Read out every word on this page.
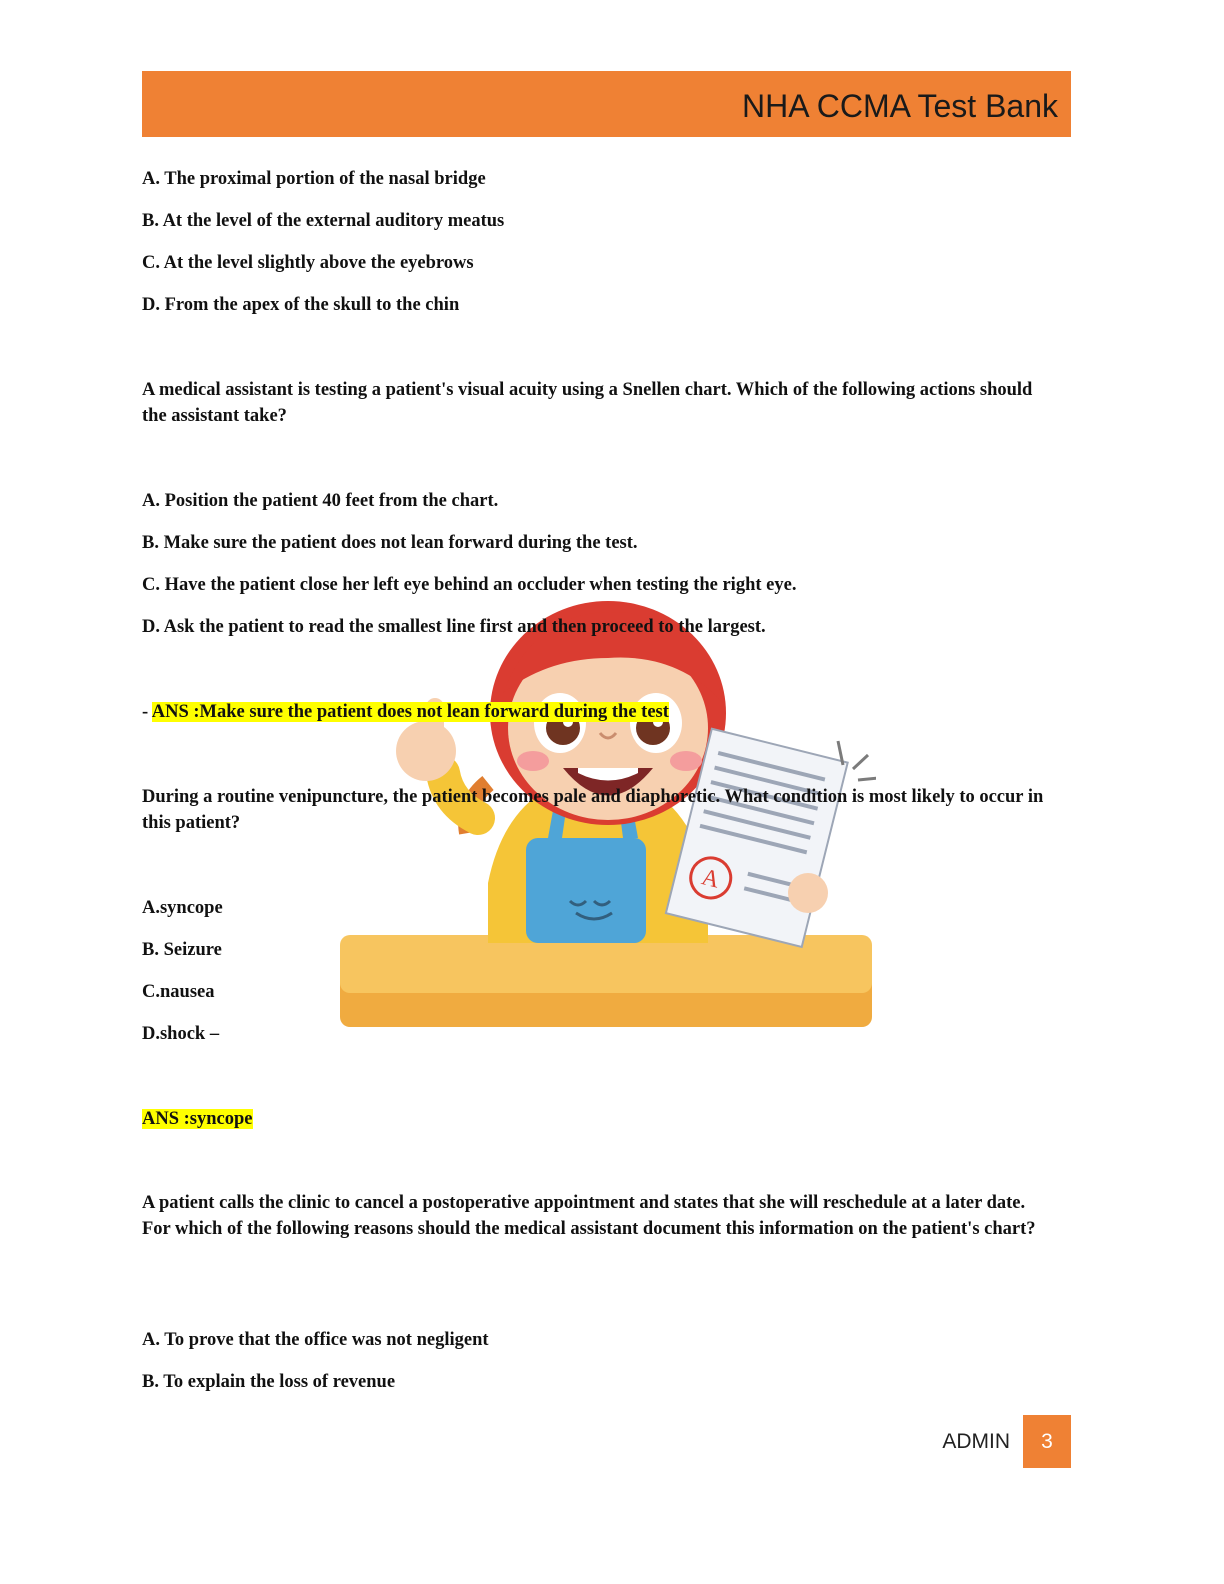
NHA CCMA Test Bank

A. The proximal portion of the nasal bridge

B. At the level of the external auditory meatus

C. At the level slightly above the eyebrows

D. From the apex of the skull to the chin

A

A medical assistant is testing a patient's visual acuity using a Snellen chart. Which of the following actions should the assistant take?

A. Position the patient 40 feet from the chart.

B. Make sure the patient does not lean forward during the test.

C. Have the patient close her left eye behind an occluder when testing the right eye.

D. Ask the patient to read the smallest line first and then proceed to the largest.

- ANS :Make sure the patient does not lean forward during the test

During a routine venipuncture, the patient becomes pale and diaphoretic. What condition is most likely to occur in this patient?

A.syncope

B. Seizure

C.nausea

D.shock –

ANS :syncope

A patient calls the clinic to cancel a postoperative appointment and states that she will reschedule at a later date. For which of the following reasons should the medical assistant document this information on the patient's chart?

A. To prove that the office was not negligent

B. To explain the loss of revenue

ADMIN	3
